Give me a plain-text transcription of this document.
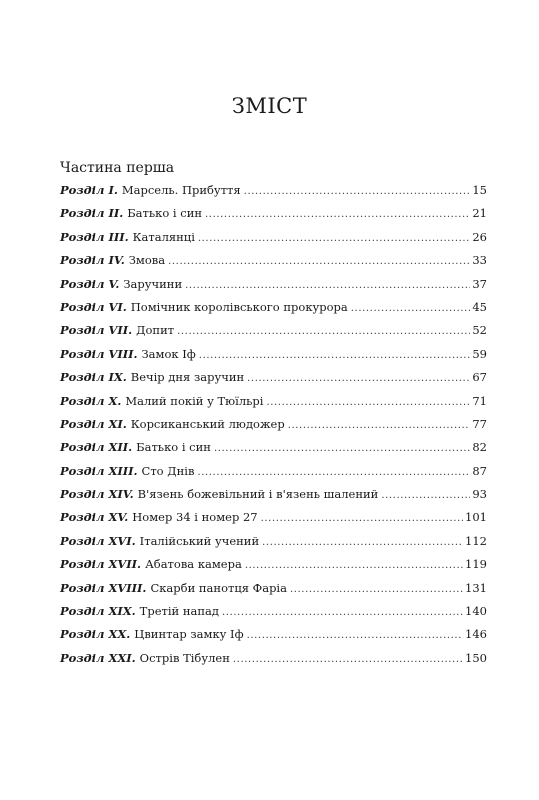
ЗМІСТ
Частина перша
Розділ I. Марсель. Прибуття .....	15
Розділ II. Батько і син .....	21
Розділ III. Каталянці .....	26
Розділ IV. Змова .....	33
Розділ V. Заручини .....	37
Розділ VI. Помічник королівського прокурора .....	45
Розділ VII. Допит .....	52
Розділ VIII. Замок Іф .....	59
Розділ IX. Вечір дня заручин .....	67
Розділ X. Малий покій у Тюїльрі .....	71
Розділ XI. Корсиканський людожер .....	77
Розділ XII. Батько і син .....	82
Розділ XIII. Сто Днів .....	87
Розділ XIV. В'язень божевільний і в'язень шалений .....	93
Розділ XV. Номер 34 і номер 27 .....	101
Розділ XVI. Італійський учений .....	112
Розділ XVII. Абатова камера .....	119
Розділ XVIII. Скарби панотця Фаріа .....	131
Розділ XIX. Третій напад .....	140
Розділ XX. Цвинтар замку Іф .....	146
Розділ XXI. Острів Тібулен .....	150
